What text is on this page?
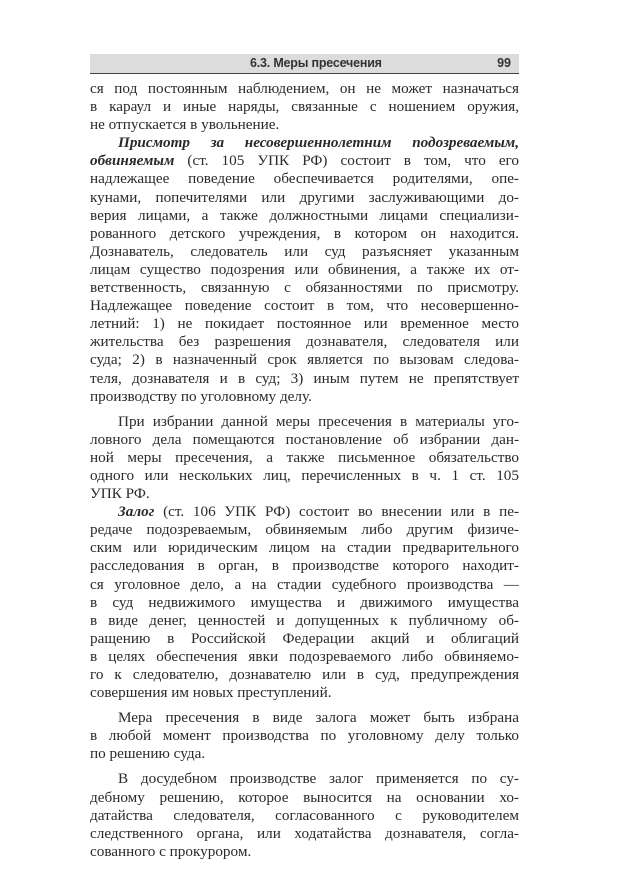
6.3. Меры пресечения	99

ся под постоянным наблюдением, он не может назначаться
в караул и иные наряды, связанные с ношением оружия,
не отпускается в увольнение.

Присмотр за несовершеннолетним подозреваемым,
обвиняемым (ст. 105 УПК РФ) состоит в том, что его
надлежащее поведение обеспечивается родителями, опе-
кунами, попечителями или другими заслуживающими до-
верия лицами, а также должностными лицами специализи-
рованного детского учреждения, в котором он находится.
Дознаватель, следователь или суд разъясняет указанным
лицам существо подозрения или обвинения, а также их от-
ветственность, связанную с обязанностями по присмотру.
Надлежащее поведение состоит в том, что несовершенно-
летний: 1) не покидает постоянное или временное место
жительства без разрешения дознавателя, следователя или
суда; 2) в назначенный срок является по вызовам следова-
теля, дознавателя и в суд; 3) иным путем не препятствует
производству по уголовному делу.

При избрании данной меры пресечения в материалы уго-
ловного дела помещаются постановление об избрании дан-
ной меры пресечения, а также письменное обязательство
одного или нескольких лиц, перечисленных в ч. 1 ст. 105
УПК РФ.

Залог (ст. 106 УПК РФ) состоит во внесении или в пе-
редаче подозреваемым, обвиняемым либо другим физиче-
ским или юридическим лицом на стадии предварительного
расследования в орган, в производстве которого находит-
ся уголовное дело, а на стадии судебного производства —
в суд недвижимого имущества и движимого имущества
в виде денег, ценностей и допущенных к публичному об-
ращению в Российской Федерации акций и облигаций
в целях обеспечения явки подозреваемого либо обвиняемо-
го к следователю, дознавателю или в суд, предупреждения
совершения им новых преступлений.

Мера пресечения в виде залога может быть избрана
в любой момент производства по уголовному делу только
по решению суда.

В досудебном производстве залог применяется по су-
дебному решению, которое выносится на основании хо-
датайства следователя, согласованного с руководителем
следственного органа, или ходатайства дознавателя, согла-
сованного с прокурором.
